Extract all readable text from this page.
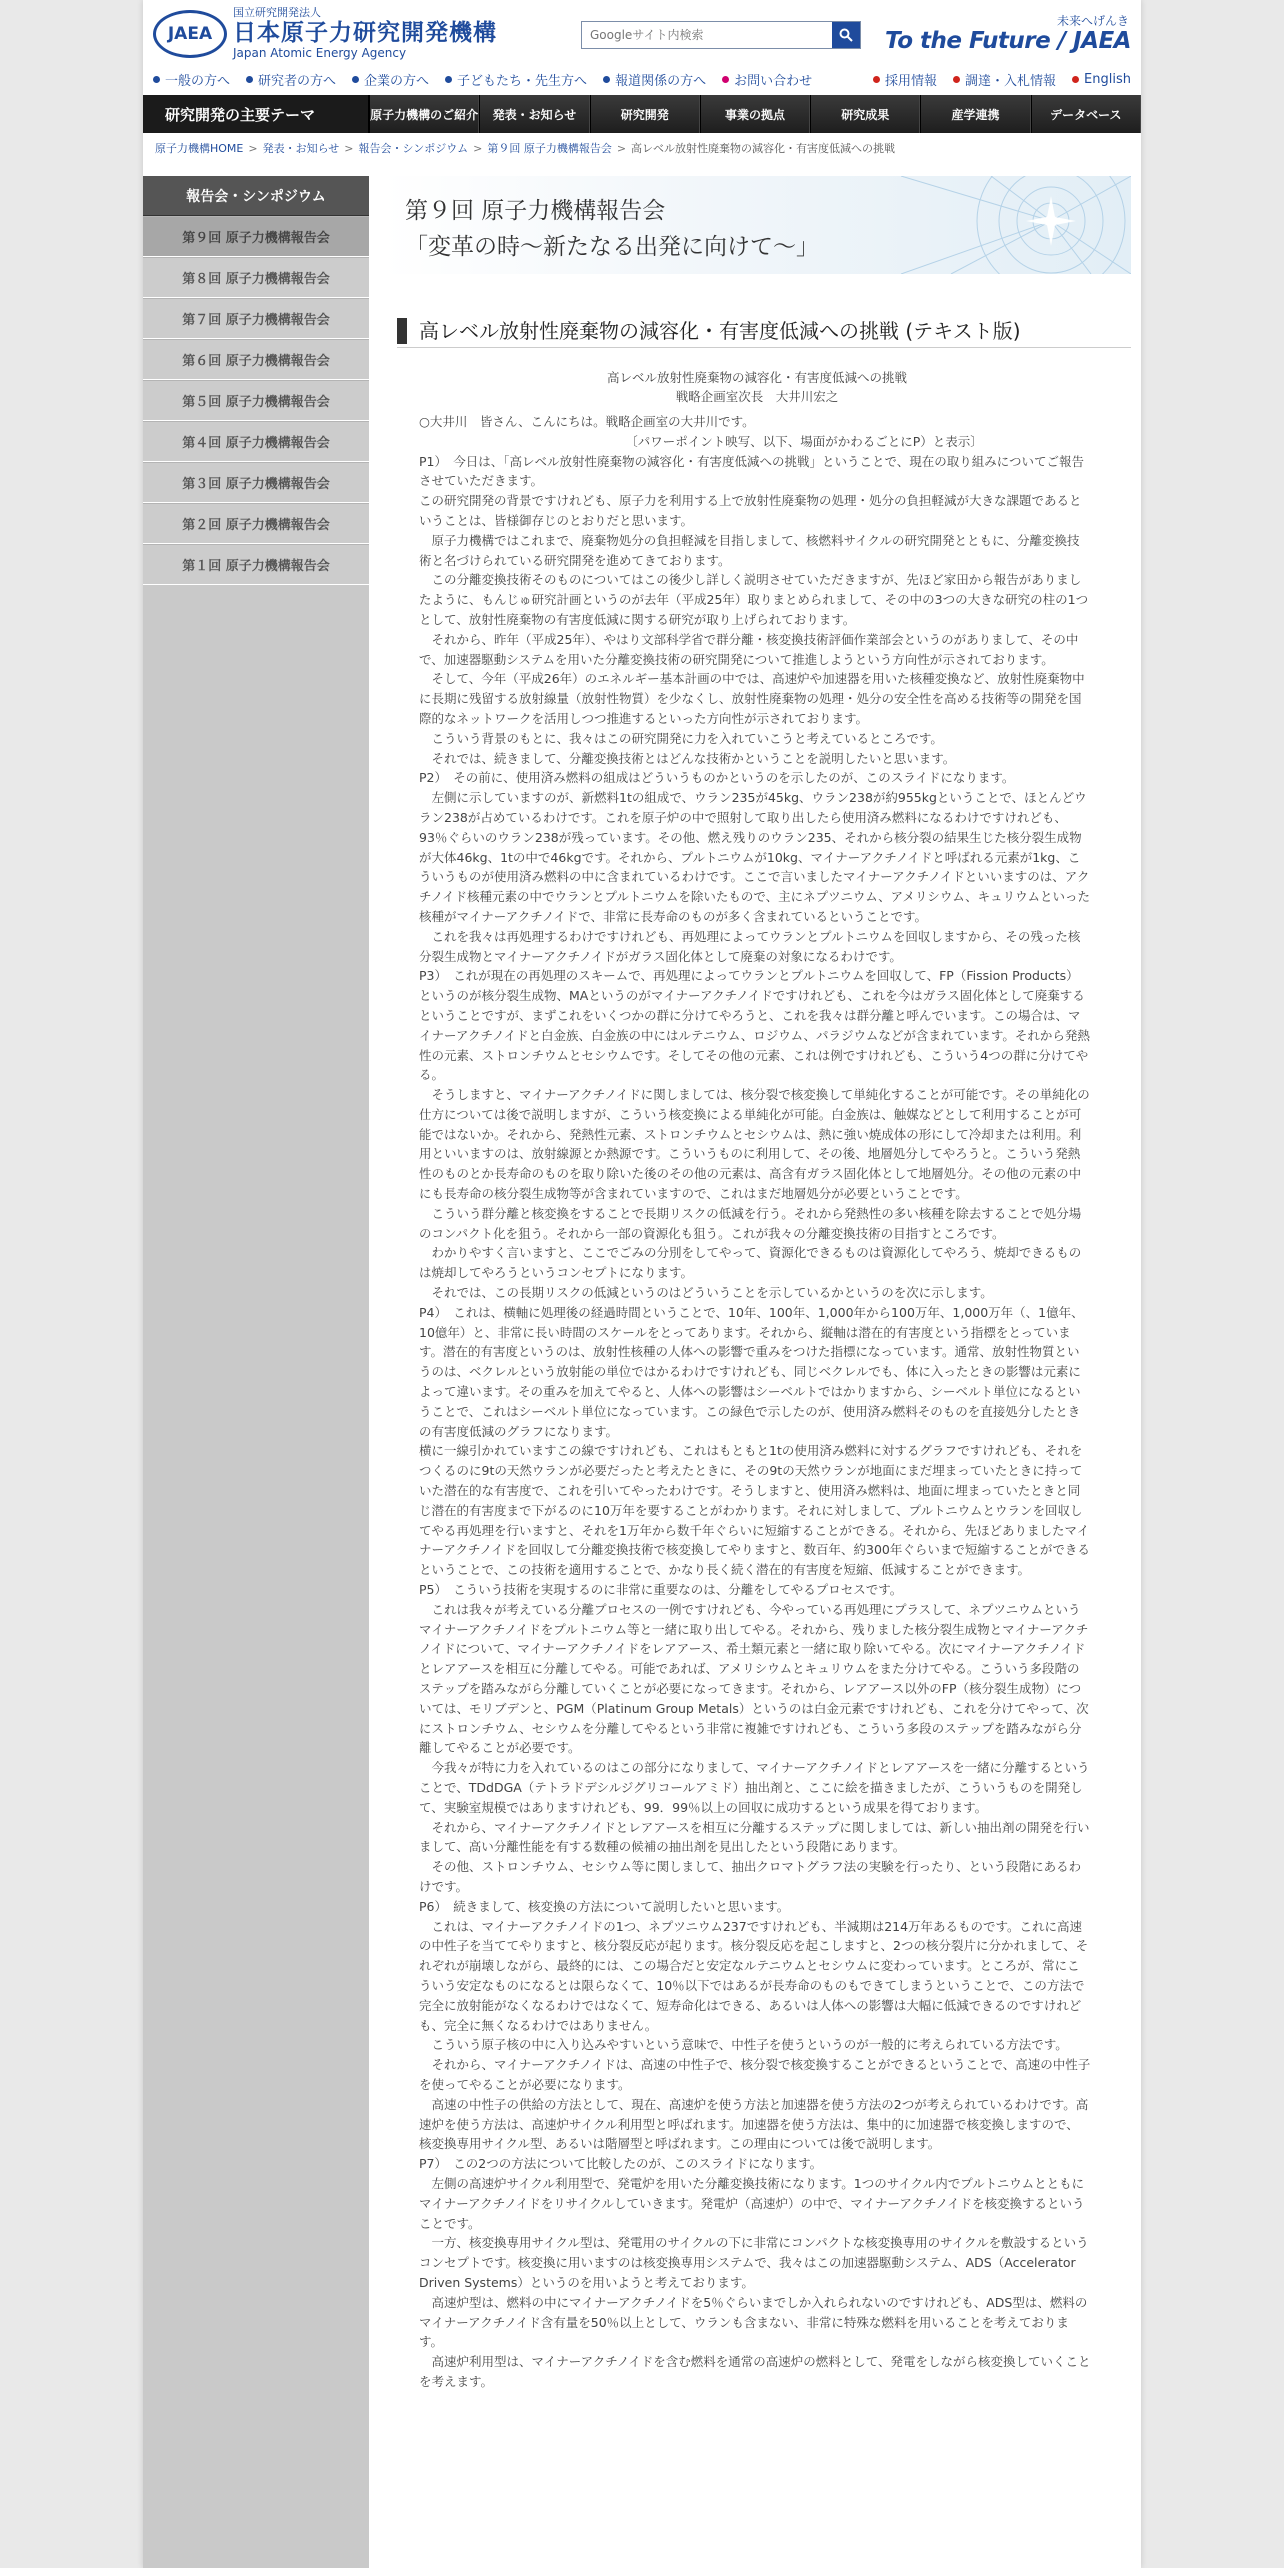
JAEA
国立研究開発法人
日本原子力研究開発機構
Japan Atomic Energy Agency
Googleサイト内検索
未来へげんき
To the Future / JAEA
一般の方へ 研究者の方へ 企業の方へ 子どもたち・先生方へ 報道関係の方へ お問い合わせ	採用情報 調達・入札情報 English
研究開発の主要テーマ	原子力機構のご紹介	発表・お知らせ	研究開発	事業の拠点	研究成果	産学連携	データベース
原子力機構HOME > 発表・お知らせ > 報告会・シンポジウム > 第９回 原子力機構報告会 > 高レベル放射性廃棄物の減容化・有害度低減への挑戦
報告会・シンポジウム
第９回 原子力機構報告会
第８回 原子力機構報告会
第７回 原子力機構報告会
第６回 原子力機構報告会
第５回 原子力機構報告会
第４回 原子力機構報告会
第３回 原子力機構報告会
第２回 原子力機構報告会
第１回 原子力機構報告会
第９回 原子力機構報告会
「変革の時～新たなる出発に向けて～」
高レベル放射性廃棄物の減容化・有害度低減への挑戦 (テキスト版)
高レベル放射性廃棄物の減容化・有害度低減への挑戦
戦略企画室次長　大井川宏之

○大井川　皆さん、こんにちは。戦略企画室の大井川です。

　　　　　　　　　　　　　　　　　〔パワーポイント映写、以下、場面がかわるごとにP）と表示〕

P1）　今日は、「高レベル放射性廃棄物の減容化・有害度低減への挑戦」ということで、現在の取り組みについてご報告させていただきます。

この研究開発の背景ですけれども、原子力を利用する上で放射性廃棄物の処理・処分の負担軽減が大きな課題であるということは、皆様御存じのとおりだと思います。

　原子力機構ではこれまで、廃棄物処分の負担軽減を目指しまして、核燃料サイクルの研究開発とともに、分離変換技術と名づけられている研究開発を進めてきております。

　この分離変換技術そのものについてはこの後少し詳しく説明させていただきますが、先ほど家田から報告がありましたように、もんじゅ研究計画というのが去年（平成25年）取りまとめられまして、その中の3つの大きな研究の柱の1つとして、放射性廃棄物の有害度低減に関する研究が取り上げられております。

　それから、昨年（平成25年）、やはり文部科学省で群分離・核変換技術評価作業部会というのがありまして、その中で、加速器駆動システムを用いた分離変換技術の研究開発について推進しようという方向性が示されております。

　そして、今年（平成26年）のエネルギー基本計画の中では、高速炉や加速器を用いた核種変換など、放射性廃棄物中に長期に残留する放射線量（放射性物質）を少なくし、放射性廃棄物の処理・処分の安全性を高める技術等の開発を国際的なネットワークを活用しつつ推進するといった方向性が示されております。

　こういう背景のもとに、我々はこの研究開発に力を入れていこうと考えているところです。

　それでは、続きまして、分離変換技術とはどんな技術かということを説明したいと思います。

P2）　その前に、使用済み燃料の組成はどういうものかというのを示したのが、このスライドになります。

　左側に示していますのが、新燃料1tの組成で、ウラン235が45kg、ウラン238が約955kgということで、ほとんどウラン238が占めているわけです。これを原子炉の中で照射して取り出したら使用済み燃料になるわけですけれども、93％ぐらいのウラン238が残っています。その他、燃え残りのウラン235、それから核分裂の結果生じた核分裂生成物が大体46kg、1tの中で46kgです。それから、プルトニウムが10kg、マイナーアクチノイドと呼ばれる元素が1kg、こういうものが使用済み燃料の中に含まれているわけです。ここで言いましたマイナーアクチノイドといいますのは、アクチノイド核種元素の中でウランとプルトニウムを除いたもので、主にネプツニウム、アメリシウム、キュリウムといった核種がマイナーアクチノイドで、非常に長寿命のものが多く含まれているということです。

　これを我々は再処理するわけですけれども、再処理によってウランとプルトニウムを回収しますから、その残った核分裂生成物とマイナーアクチノイドがガラス固化体として廃棄の対象になるわけです。

P3）　これが現在の再処理のスキームで、再処理によってウランとプルトニウムを回収して、FP（Fission Products）というのが核分裂生成物、MAというのがマイナーアクチノイドですけれども、これを今はガラス固化体として廃棄するということですが、まずこれをいくつかの群に分けてやろうと、これを我々は群分離と呼んでいます。この場合は、マイナーアクチノイドと白金族、白金族の中にはルテニウム、ロジウム、パラジウムなどが含まれています。それから発熱性の元素、ストロンチウムとセシウムです。そしてその他の元素、これは例ですけれども、こういう4つの群に分けてやる。

　そうしますと、マイナーアクチノイドに関しましては、核分裂で核変換して単純化することが可能です。その単純化の仕方については後で説明しますが、こういう核変換による単純化が可能。白金族は、触媒などとして利用することが可能ではないか。それから、発熱性元素、ストロンチウムとセシウムは、熱に強い焼成体の形にして冷却または利用。利用といいますのは、放射線源とか熱源です。こういうものに利用して、その後、地層処分してやろうと。こういう発熱性のものとか長寿命のものを取り除いた後のその他の元素は、高含有ガラス固化体として地層処分。その他の元素の中にも長寿命の核分裂生成物等が含まれていますので、これはまだ地層処分が必要ということです。

　こういう群分離と核変換をすることで長期リスクの低減を行う。それから発熱性の多い核種を除去することで処分場のコンパクト化を狙う。それから一部の資源化も狙う。これが我々の分離変換技術の目指すところです。

　わかりやすく言いますと、ここでごみの分別をしてやって、資源化できるものは資源化してやろう、焼却できるものは焼却してやろうというコンセプトになります。

　それでは、この長期リスクの低減というのはどういうことを示しているかというのを次に示します。

P4）　これは、横軸に処理後の経過時間ということで、10年、100年、1,000年から100万年、1,000万年（、1億年、10億年）と、非常に長い時間のスケールをとってあります。それから、縦軸は潜在的有害度という指標をとっています。潜在的有害度というのは、放射性核種の人体への影響で重みをつけた指標になっています。通常、放射性物質というのは、ベクレルという放射能の単位ではかるわけですけれども、同じベクレルでも、体に入ったときの影響は元素によって違います。その重みを加えてやると、人体への影響はシーベルトではかりますから、シーベルト単位になるということで、これはシーベルト単位になっています。この緑色で示したのが、使用済み燃料そのものを直接処分したときの有害度低減のグラフになります。

横に一線引かれていますこの線ですけれども、これはもともと1tの使用済み燃料に対するグラフですけれども、それをつくるのに9tの天然ウランが必要だったと考えたときに、その9tの天然ウランが地面にまだ埋まっていたときに持っていた潜在的な有害度で、これを引いてやったわけです。そうしますと、使用済み燃料は、地面に埋まっていたときと同じ潜在的有害度まで下がるのに10万年を要することがわかります。それに対しまして、プルトニウムとウランを回収してやる再処理を行いますと、それを1万年から数千年ぐらいに短縮することができる。それから、先ほどありましたマイナーアクチノイドを回収して分離変換技術で核変換してやりますと、数百年、約300年ぐらいまで短縮することができるということで、この技術を適用することで、かなり長く続く潜在的有害度を短縮、低減することができます。

P5）　こういう技術を実現するのに非常に重要なのは、分離をしてやるプロセスです。

　これは我々が考えている分離プロセスの一例ですけれども、今やっている再処理にプラスして、ネプツニウムというマイナーアクチノイドをプルトニウム等と一緒に取り出してやる。それから、残りました核分裂生成物とマイナーアクチノイドについて、マイナーアクチノイドをレアアース、希土類元素と一緒に取り除いてやる。次にマイナーアクチノイドとレアアースを相互に分離してやる。可能であれば、アメリシウムとキュリウムをまた分けてやる。こういう多段階のステップを踏みながら分離していくことが必要になってきます。それから、レアアース以外のFP（核分裂生成物）については、モリブデンと、PGM（Platinum Group Metals）というのは白金元素ですけれども、これを分けてやって、次にストロンチウム、セシウムを分離してやるという非常に複雑ですけれども、こういう多段のステップを踏みながら分離してやることが必要です。

　今我々が特に力を入れているのはこの部分になりまして、マイナーアクチノイドとレアアースを一緒に分離するということで、TDdDGA（テトラドデシルジグリコールアミド）抽出剤と、ここに絵を描きましたが、こういうものを開発して、実験室規模ではありますけれども、99．99％以上の回収に成功するという成果を得ております。

　それから、マイナーアクチノイドとレアアースを相互に分離するステップに関しましては、新しい抽出剤の開発を行いまして、高い分離性能を有する数種の候補の抽出剤を見出したという段階にあります。

　その他、ストロンチウム、セシウム等に関しまして、抽出クロマトグラフ法の実験を行ったり、という段階にあるわけです。

P6）　続きまして、核変換の方法について説明したいと思います。

　これは、マイナーアクチノイドの1つ、ネプツニウム237ですけれども、半減期は214万年あるものです。これに高速の中性子を当ててやりますと、核分裂反応が起ります。核分裂反応を起こしますと、2つの核分裂片に分かれまして、それぞれが崩壊しながら、最終的には、この場合だと安定なルテニウムとセシウムに変わっています。ところが、常にこういう安定なものになるとは限らなくて、10％以下ではあるが長寿命のものもできてしまうということで、この方法で完全に放射能がなくなるわけではなくて、短寿命化はできる、あるいは人体への影響は大幅に低減できるのですけれども、完全に無くなるわけではありません。

　こういう原子核の中に入り込みやすいという意味で、中性子を使うというのが一般的に考えられている方法です。

　それから、マイナーアクチノイドは、高速の中性子で、核分裂で核変換することができるということで、高速の中性子を使ってやることが必要になります。

　高速の中性子の供給の方法として、現在、高速炉を使う方法と加速器を使う方法の2つが考えられているわけです。高速炉を使う方法は、高速炉サイクル利用型と呼ばれます。加速器を使う方法は、集中的に加速器で核変換しますので、核変換専用サイクル型、あるいは階層型と呼ばれます。この理由については後で説明します。

P7）　この2つの方法について比較したのが、このスライドになります。

　左側の高速炉サイクル利用型で、発電炉を用いた分離変換技術になります。1つのサイクル内でプルトニウムとともにマイナーアクチノイドをリサイクルしていきます。発電炉（高速炉）の中で、マイナーアクチノイドを核変換するということです。

　一方、核変換専用サイクル型は、発電用のサイクルの下に非常にコンパクトな核変換専用のサイクルを敷設するというコンセプトです。核変換に用いますのは核変換専用システムで、我々はこの加速器駆動システム、ADS（Accelerator Driven Systems）というのを用いようと考えております。

　高速炉型は、燃料の中にマイナーアクチノイドを5％ぐらいまでしか入れられないのですけれども、ADS型は、燃料のマイナーアクチノイド含有量を50％以上として、ウランも含まない、非常に特殊な燃料を用いることを考えております。

　高速炉利用型は、マイナーアクチノイドを含む燃料を通常の高速炉の燃料として、発電をしながら核変換していくことを考えます。
